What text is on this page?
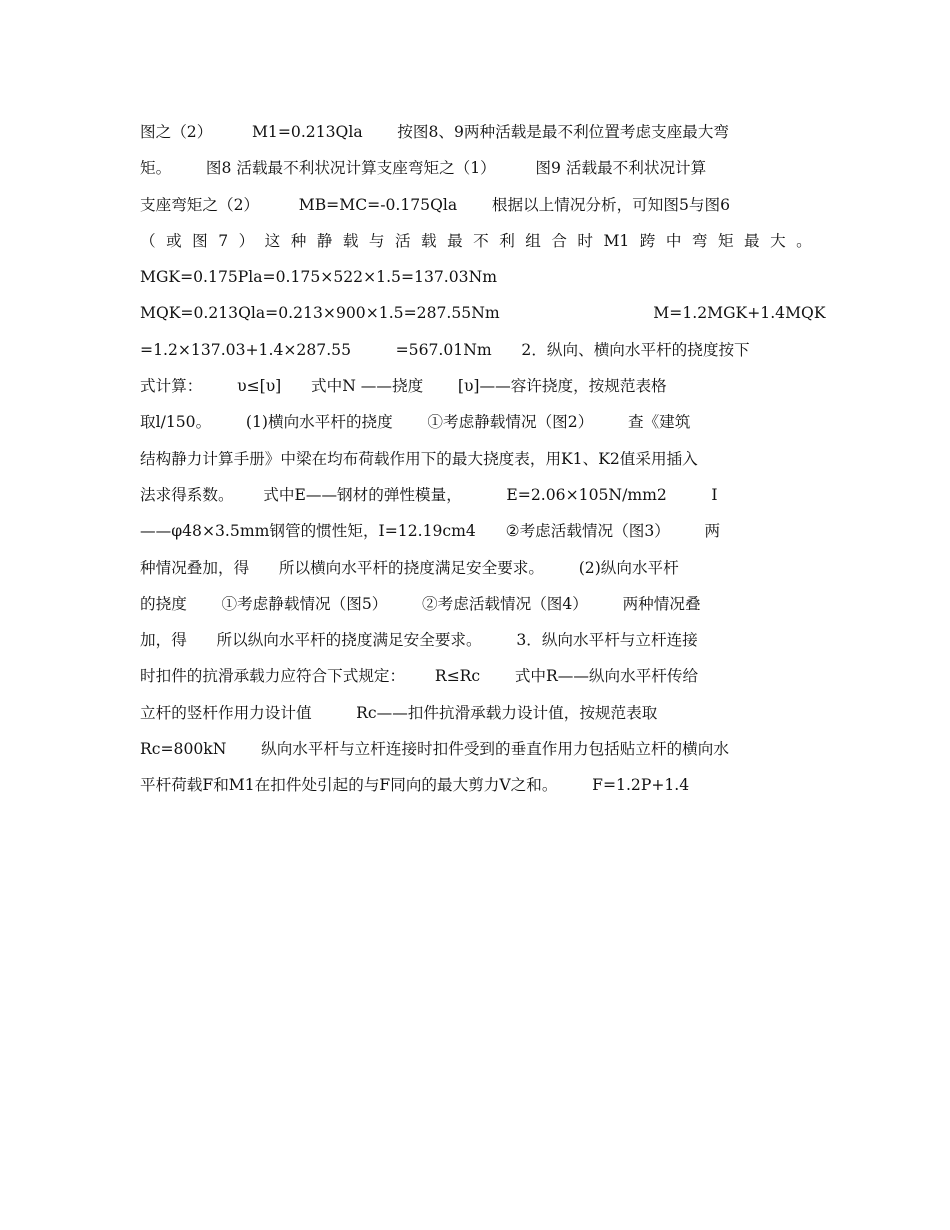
图之（2）        M1=0.213Qla       按图8、9两种活载是最不利位置考虑支座最大弯
矩。       图8 活载最不利状况计算支座弯矩之（1）        图9 活载最不利状况计算
支座弯矩之（2）        MB=MC=-0.175Qla       根据以上情况分析，可知图5与图6
（ 或 图 7 ） 这 种 静 载 与 活 载 最 不 利 组 合 时 M1 跨 中 弯 矩 最 大 。
MGK=0.175Pla=0.175×522×1.5=137.03Nm
MQK=0.213Qla=0.213×900×1.5=287.55Nm                               M=1.2MGK+1.4MQK
=1.2×137.03+1.4×287.55         =567.01Nm      2．纵向、横向水平杆的挠度按下
式计算：       υ≤[υ]      式中N ——挠度       [υ]——容许挠度，按规范表格
取l/150。       (1)横向水平杆的挠度       ①考虑静载情况（图2）       查《建筑
结构静力计算手册》中梁在均布荷载作用下的最大挠度表，用K1、K2值采用插入
法求得系数。      式中E——钢材的弹性模量，         E=2.06×105N/mm2         I
——φ48×3.5mm钢管的惯性矩，I=12.19cm4      ②考虑活载情况（图3）       两
种情况叠加，得      所以横向水平杆的挠度满足安全要求。       (2)纵向水平杆
的挠度       ①考虑静载情况（图5）       ②考虑活载情况（图4）       两种情况叠
加，得      所以纵向水平杆的挠度满足安全要求。       3．纵向水平杆与立杆连接
时扣件的抗滑承载力应符合下式规定：      R≤Rc       式中R——纵向水平杆传给
立杆的竖杆作用力设计值         Rc——扣件抗滑承载力设计值，按规范表取
Rc=800kN       纵向水平杆与立杆连接时扣件受到的垂直作用力包括贴立杆的横向水
平杆荷载F和M1在扣件处引起的与F同向的最大剪力V之和。       F=1.2P+1.4
